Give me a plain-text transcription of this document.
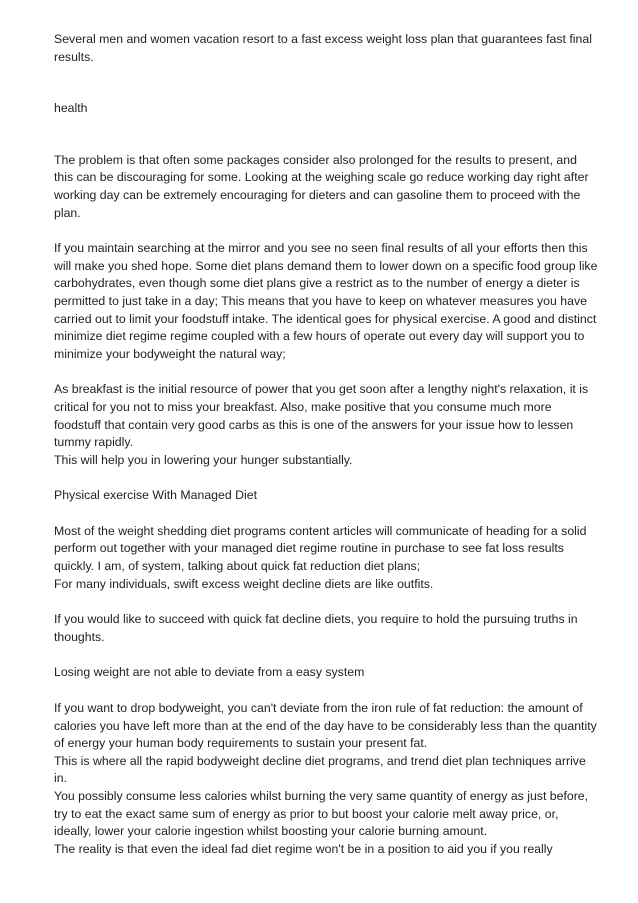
Several men and women vacation resort to a fast excess weight loss plan that guarantees fast final results.

health

The problem is that often some packages consider also prolonged for the results to present, and this can be discouraging for some. Looking at the weighing scale go reduce working day right after working day can be extremely encouraging for dieters and can gasoline them to proceed with the plan.

If you maintain searching at the mirror and you see no seen final results of all your efforts then this will make you shed hope. Some diet plans demand them to lower down on a specific food group like carbohydrates, even though some diet plans give a restrict as to the number of energy a dieter is permitted to just take in a day; This means that you have to keep on whatever measures you have carried out to limit your foodstuff intake. The identical goes for physical exercise. A good and distinct minimize diet regime regime coupled with a few hours of operate out every day will support you to minimize your bodyweight the natural way;

As breakfast is the initial resource of power that you get soon after a lengthy night's relaxation, it is critical for you not to miss your breakfast. Also, make positive that you consume much more foodstuff that contain very good carbs as this is one of the answers for your issue how to lessen tummy rapidly.
This will help you in lowering your hunger substantially.

Physical exercise With Managed Diet

Most of the weight shedding diet programs content articles will communicate of heading for a solid perform out together with your managed diet regime routine in purchase to see fat loss results quickly. I am, of system, talking about quick fat reduction diet plans;
For many individuals, swift excess weight decline diets are like outfits.

If you would like to succeed with quick fat decline diets, you require to hold the pursuing truths in thoughts.

Losing weight are not able to deviate from a easy system

If you want to drop bodyweight, you can't deviate from the iron rule of fat reduction: the amount of calories you have left more than at the end of the day have to be considerably less than the quantity of energy your human body requirements to sustain your present fat.
This is where all the rapid bodyweight decline diet programs, and trend diet plan techniques arrive in.
You possibly consume less calories whilst burning the very same quantity of energy as just before, try to eat the exact same sum of energy as prior to but boost your calorie melt away price, or, ideally, lower your calorie ingestion whilst boosting your calorie burning amount.
The reality is that even the ideal fad diet regime won't be in a position to aid you if you really
